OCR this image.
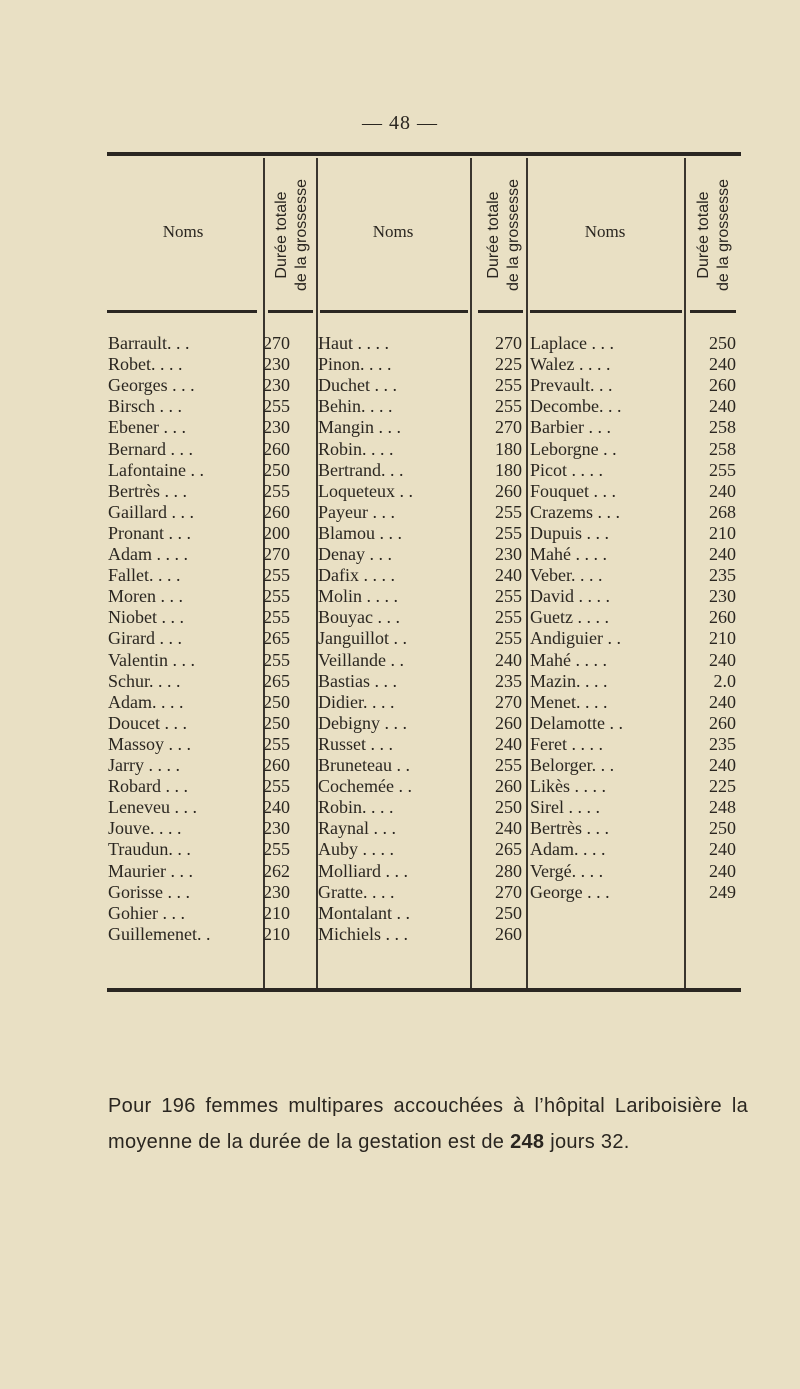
— 48 —
Noms	Durée totale de la grossesse
Barrault. . .	270
Robet. . . .	230
Georges . . .	230
Birsch . . .	255
Ebener . . .	230
Bernard . . .	260
Lafontaine . .	250
Bertrès . . .	255
Gaillard . . .	260
Pronant . . .	200
Adam . . . .	270
Fallet. . . .	255
Moren . . .	255
Niobet . . .	255
Girard . . .	265
Valentin . . .	255
Schur. . . .	265
Adam. . . .	250
Doucet . . .	250
Massoy . . .	255
Jarry . . . .	260
Robard . . .	255
Leneveu . . .	240
Jouve. . . .	230
Traudun. . .	255
Maurier . . .	262
Gorisse . . .	230
Gohier . . .	210
Guillemenet. .	210
Noms	Durée totale de la grossesse
Haut . . . .	270
Pinon. . . .	225
Duchet . . .	255
Behin. . . .	255
Mangin . . .	270
Robin. . . .	180
Bertrand. . .	180
Loqueteux . .	260
Payeur . . .	255
Blamou . . .	255
Denay . . .	230
Dafix . . . .	240
Molin . . . .	255
Bouyac . . .	255
Janguillot . .	255
Veillande . .	240
Bastias . . .	235
Didier. . . .	270
Debigny . . .	260
Russet . . .	240
Bruneteau . .	255
Cochemée . .	260
Robin. . . .	250
Raynal . . .	240
Auby . . . .	265
Molliard . . .	280
Gratte. . . .	270
Montalant . .	250
Michiels . . .	260
Noms	Durée totale de la grossesse
Laplace . . .	250
Walez . . . .	240
Prevault. . .	260
Decombe. . .	240
Barbier . . .	258
Leborgne . .	258
Picot . . . .	255
Fouquet . . .	240
Crazems . . .	268
Dupuis . . .	210
Mahé . . . .	240
Veber. . . .	235
David . . . .	230
Guetz . . . .	260
Andiguier . .	210
Mahé . . . .	240
Mazin. . . .	2.0
Menet. . . .	240
Delamotte . .	260
Feret . . . .	235
Belorger. . .	240
Likès . . . .	225
Sirel . . . .	248
Bertrès . . .	250
Adam. . . .	240
Vergé. . . .	240
George . . .	249

Pour 196 femmes multipares accouchées à l’hôpital Lariboisière la moyenne de la durée de la gestation est de 248 jours 32.
